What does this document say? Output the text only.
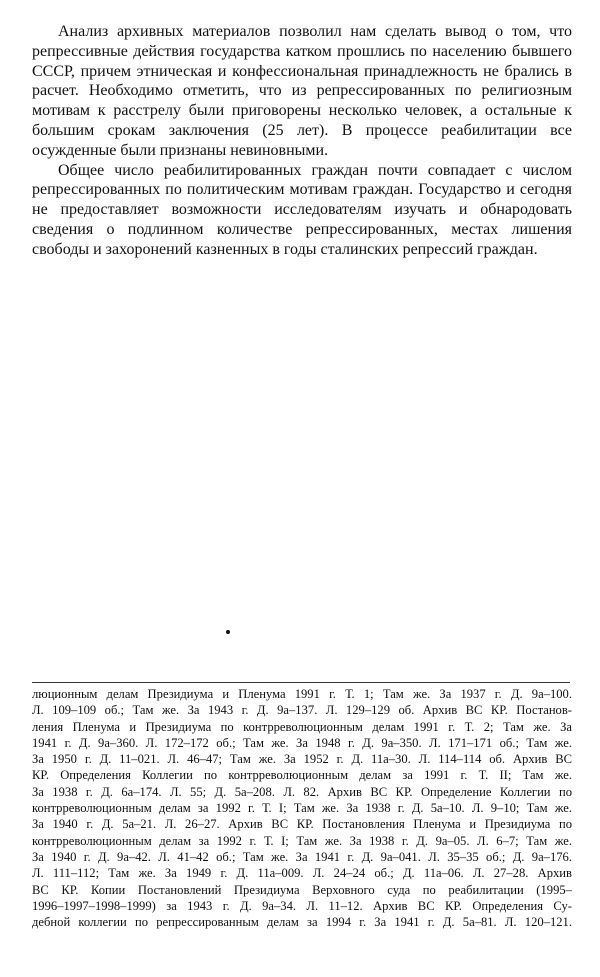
Анализ архивных материалов позволил нам сделать вывод о том, что репрессивные действия государства катком прошлись по населению бывшего СССР, причем этническая и конфессиональная принадлежность не брались в расчет. Необходимо отметить, что из репрессированных по религиозным мотивам к расстрелу были приговорены несколько человек, а остальные к большим срокам заключения (25 лет). В процессе реабилитации все осужденные были признаны невиновными.

Общее число реабилитированных граждан почти совпадает с числом репрессированных по политическим мотивам граждан. Государство и сегодня не предоставляет возможности исследователям изучать и обнародовать сведения о подлинном количестве репрессированных, местах лишения свободы и захоронений казненных в годы сталинских репрессий граждан.

люционным делам Президиума и Пленума 1991 г. Т. 1; Там же. За 1937 г. Д. 9а–100.
Л. 109–109 об.; Там же. За 1943 г. Д. 9а–137. Л. 129–129 об. Архив ВС КР. Постанов-
ления Пленума и Президиума по контрреволюционным делам 1991 г. Т. 2; Там же. За
1941 г. Д. 9а–360. Л. 172–172 об.; Там же. За 1948 г. Д. 9а–350. Л. 171–171 об.; Там же.
За 1950 г. Д. 11–021. Л. 46–47; Там же. За 1952 г. Д. 11а–30. Л. 114–114 об. Архив ВС
КР. Определения Коллегии по контрреволюционным делам за 1991 г. Т. II; Там же.
За 1938 г. Д. 6а–174. Л. 55; Д. 5а–208. Л. 82. Архив ВС КР. Определение Коллегии по
контрреволюционным делам за 1992 г. Т. I; Там же. За 1938 г. Д. 5а–10. Л. 9–10; Там же.
За 1940 г. Д. 5а–21. Л. 26–27. Архив ВС КР. Постановления Пленума и Президиума по
контрреволюционным делам за 1992 г. Т. I; Там же. За 1938 г. Д. 9а–05. Л. 6–7; Там же.
За 1940 г. Д. 9а–42. Л. 41–42 об.; Там же. За 1941 г. Д. 9а–041. Л. 35–35 об.; Д. 9а–176.
Л. 111–112; Там же. За 1949 г. Д. 11а–009. Л. 24–24 об.; Д. 11а–06. Л. 27–28. Архив
ВС КР. Копии Постановлений Президиума Верховного суда по реабилитации (1995–
1996–1997–1998–1999) за 1943 г. Д. 9а–34. Л. 11–12. Архив ВС КР. Определения Су-
дебной коллегии по репрессированным делам за 1994 г. За 1941 г. Д. 5а–81. Л. 120–121.
